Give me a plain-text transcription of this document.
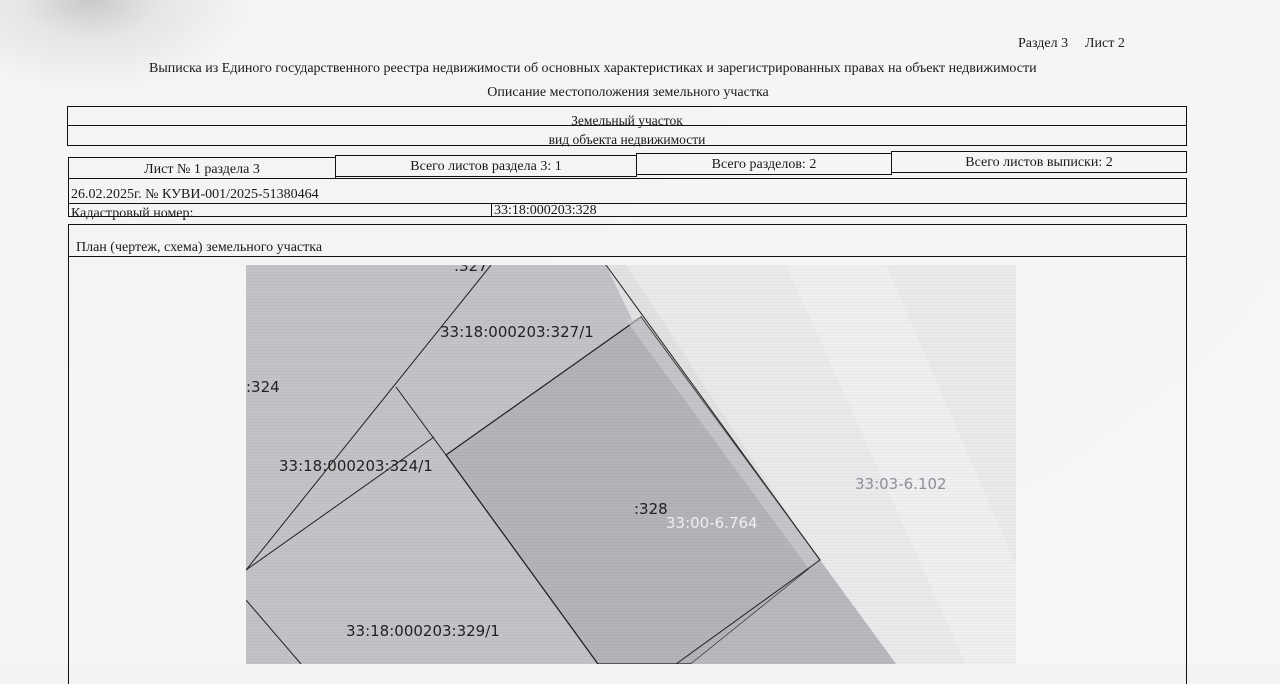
Раздел 3 Лист 2
Выписка из Единого государственного реестра недвижимости об основных характеристиках и зарегистрированных правах на объект недвижимости
Описание местоположения земельного участка
Земельный участок
вид объекта недвижимости
Лист № 1 раздела 3	Всего листов раздела 3: 1	Всего разделов: 2	Всего листов выписки: 2
26.02.2025г. № КУВИ-001/2025-51380464
Кадастровый номер:	33:18:000203:328
План (чертеж, схема) земельного участка
:327
33:18:000203:327/1
:324
33:18:000203:324/1
:328
33:00-6.764
33:03-6.102
33:18:000203:329/1
